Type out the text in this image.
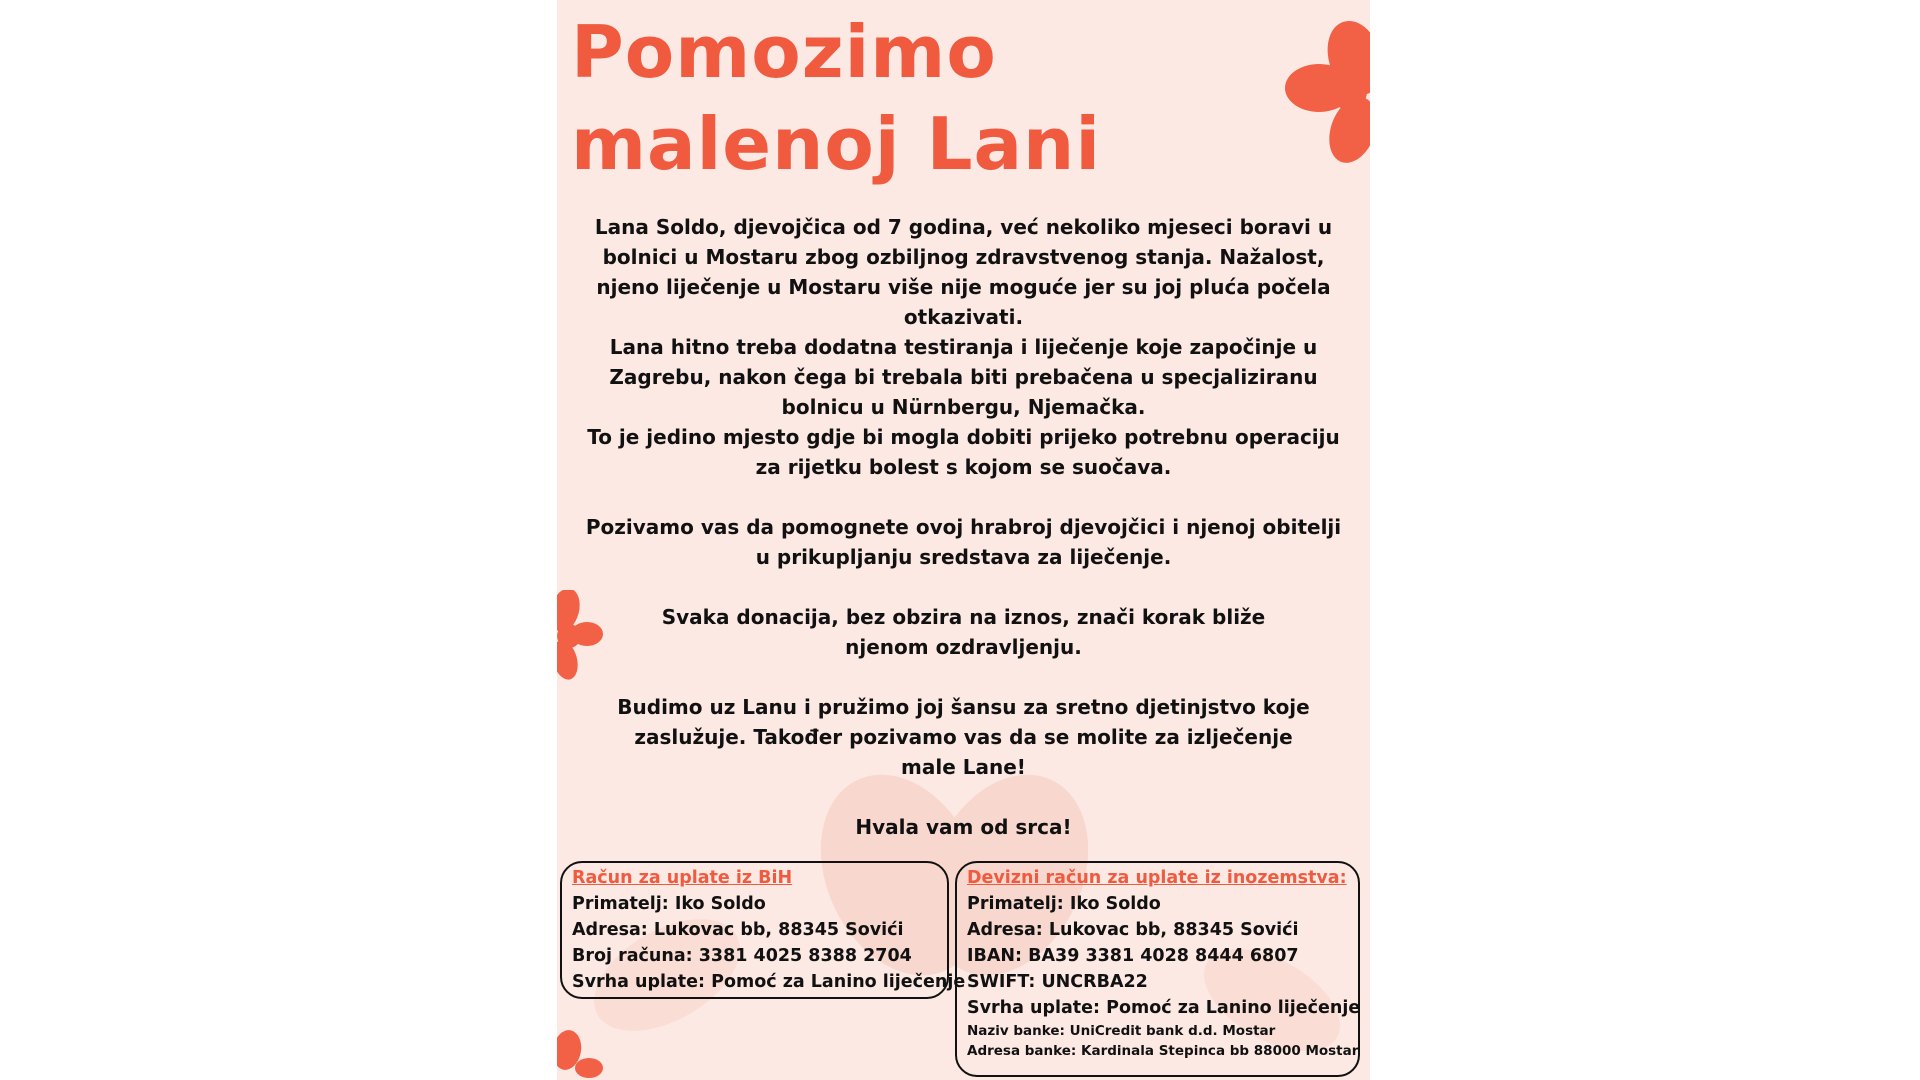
Pomozimo
malenoj Lani
Lana Soldo, djevojčica od 7 godina, već nekoliko mjeseci boravi u bolnici u Mostaru zbog ozbiljnog zdravstvenog stanja. Nažalost, njeno liječenje u Mostaru više nije moguće jer su joj pluća počela otkazivati.
Lana hitno treba dodatna testiranja i liječenje koje započinje u Zagrebu, nakon čega bi trebala biti prebačena u specjaliziranu bolnicu u Nürnbergu, Njemačka.
To je jedino mjesto gdje bi mogla dobiti prijeko potrebnu operaciju za rijetku bolest s kojom se suočava.
Pozivamo vas da pomognete ovoj hrabroj djevojčici i njenoj obitelji u prikupljanju sredstava za liječenje.
Svaka donacija, bez obzira na iznos, znači korak bliže njenom ozdravljenju.
Budimo uz Lanu i pružimo joj šansu za sretno djetinjstvo koje zaslužuje. Također pozivamo vas da se molite za izlječenje male Lane!
Hvala vam od srca!
Račun za uplate iz BiH
Primatelj: Iko Soldo
Adresa: Lukovac bb, 88345 Sovići
Broj računa: 3381 4025 8388 2704
Svrha uplate: Pomoć za Lanino liječenje
Devizni račun za uplate iz inozemstva:
Primatelj: Iko Soldo
Adresa: Lukovac bb, 88345 Sovići
IBAN: BA39 3381 4028 8444 6807
SWIFT: UNCRBA22
Svrha uplate: Pomoć za Lanino liječenje
Naziv banke: UniCredit bank d.d. Mostar
Adresa banke: Kardinala Stepinca bb 88000 Mostar
